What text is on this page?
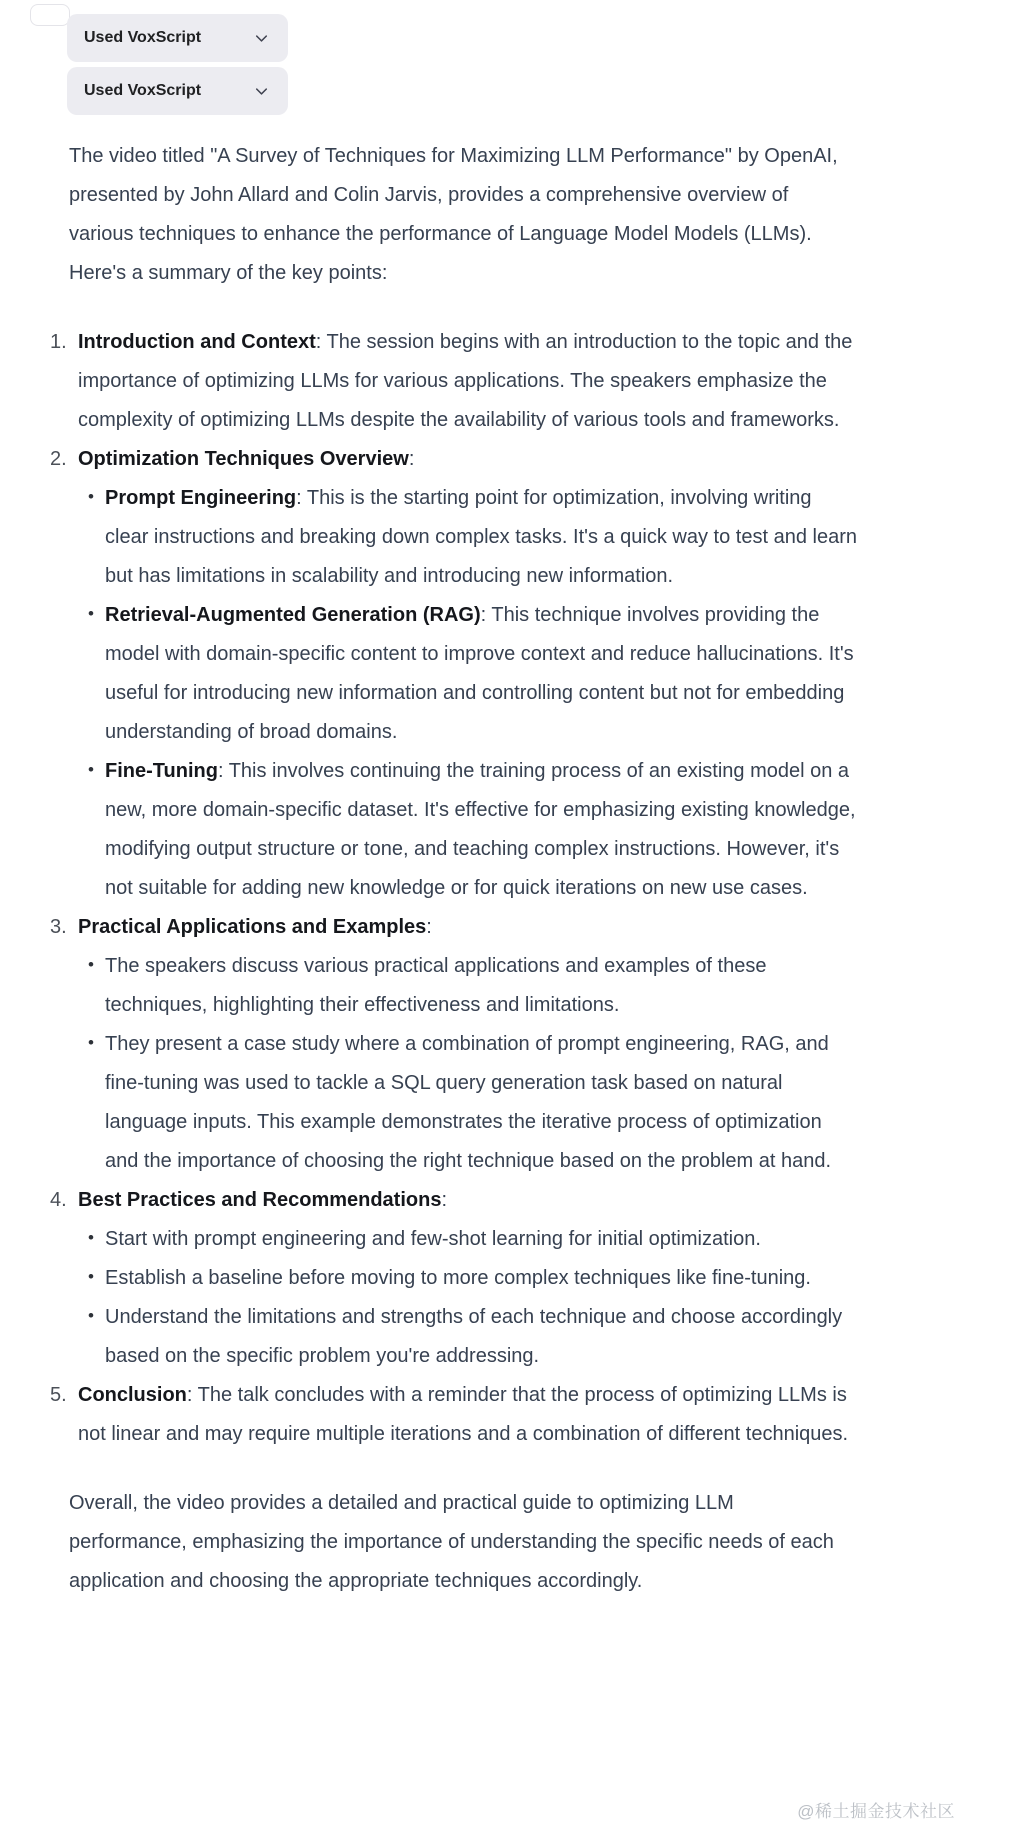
Used VoxScript
Used VoxScript

The video titled "A Survey of Techniques for Maximizing LLM Performance" by OpenAI, presented by John Allard and Colin Jarvis, provides a comprehensive overview of various techniques to enhance the performance of Language Model Models (LLMs). Here's a summary of the key points:

1. Introduction and Context: The session begins with an introduction to the topic and the importance of optimizing LLMs for various applications. The speakers emphasize the complexity of optimizing LLMs despite the availability of various tools and frameworks.
2. Optimization Techniques Overview:
• Prompt Engineering: This is the starting point for optimization, involving writing clear instructions and breaking down complex tasks. It's a quick way to test and learn but has limitations in scalability and introducing new information.
• Retrieval-Augmented Generation (RAG): This technique involves providing the model with domain-specific content to improve context and reduce hallucinations. It's useful for introducing new information and controlling content but not for embedding understanding of broad domains.
• Fine-Tuning: This involves continuing the training process of an existing model on a new, more domain-specific dataset. It's effective for emphasizing existing knowledge, modifying output structure or tone, and teaching complex instructions. However, it's not suitable for adding new knowledge or for quick iterations on new use cases.
3. Practical Applications and Examples:
• The speakers discuss various practical applications and examples of these techniques, highlighting their effectiveness and limitations.
• They present a case study where a combination of prompt engineering, RAG, and fine-tuning was used to tackle a SQL query generation task based on natural language inputs. This example demonstrates the iterative process of optimization and the importance of choosing the right technique based on the problem at hand.
4. Best Practices and Recommendations:
• Start with prompt engineering and few-shot learning for initial optimization.
• Establish a baseline before moving to more complex techniques like fine-tuning.
• Understand the limitations and strengths of each technique and choose accordingly based on the specific problem you're addressing.
5. Conclusion: The talk concludes with a reminder that the process of optimizing LLMs is not linear and may require multiple iterations and a combination of different techniques.

Overall, the video provides a detailed and practical guide to optimizing LLM performance, emphasizing the importance of understanding the specific needs of each application and choosing the appropriate techniques accordingly.

@稀土掘金技术社区
